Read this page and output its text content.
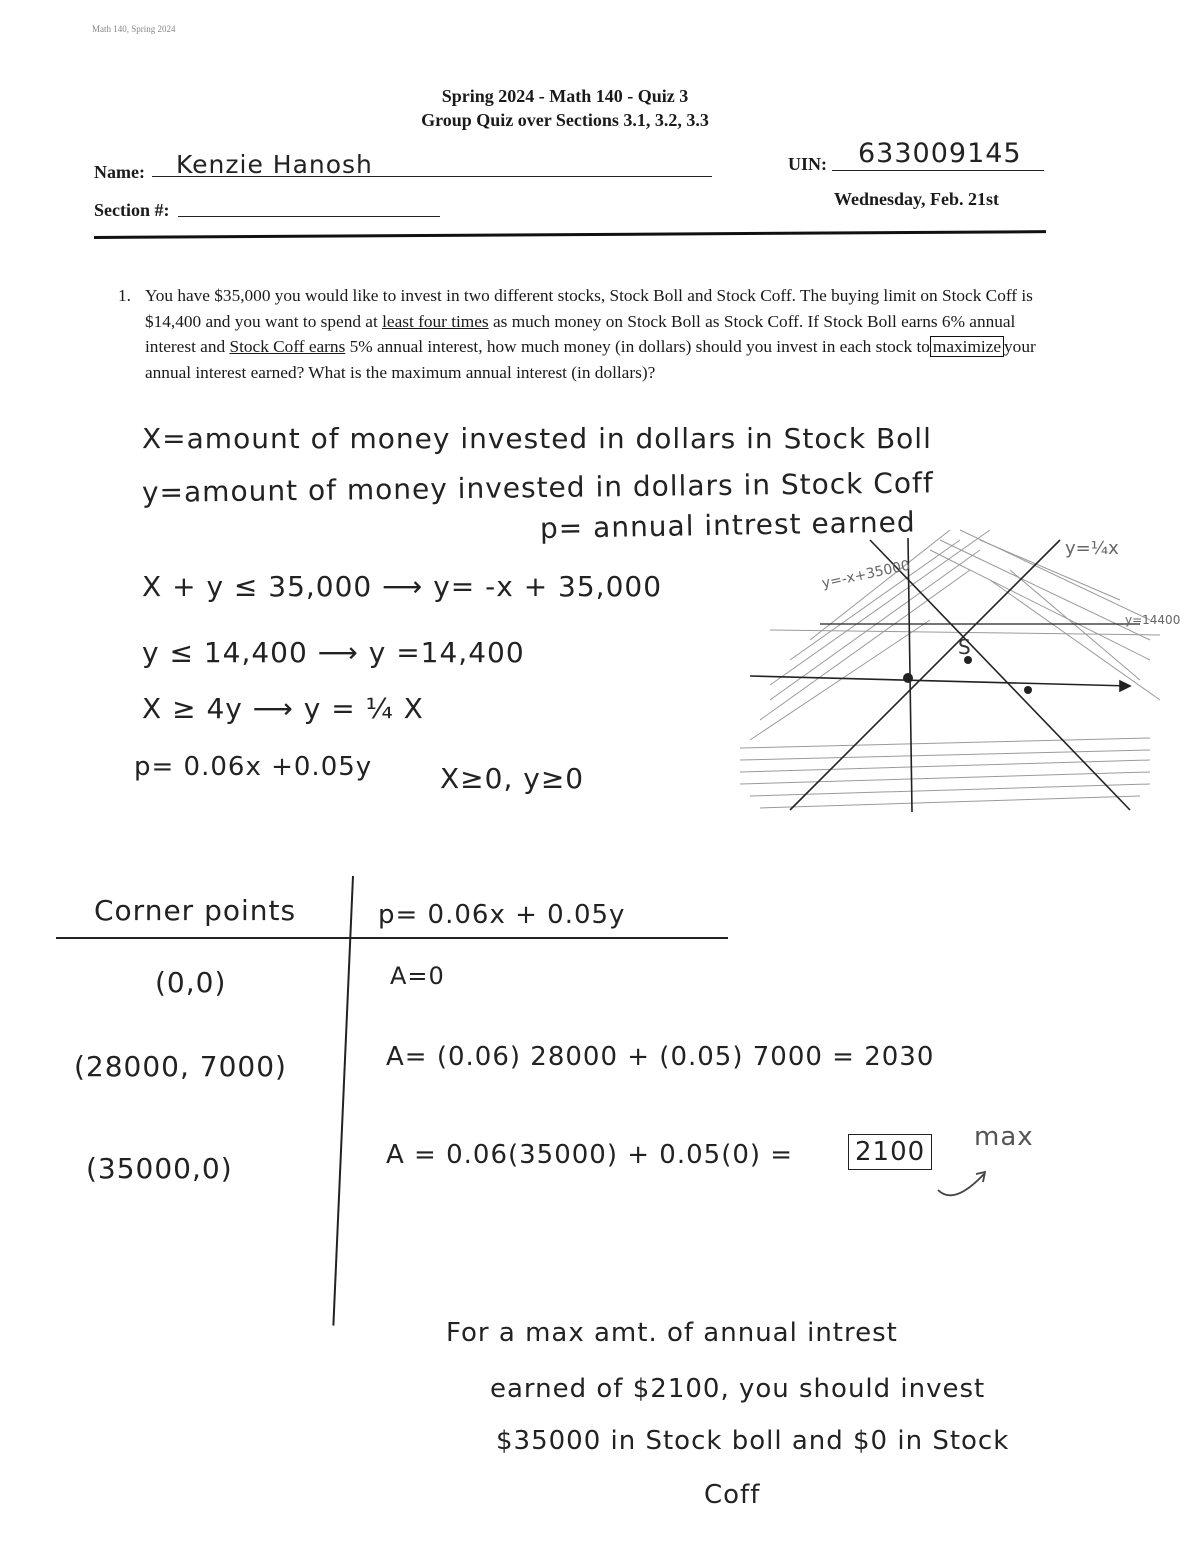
Math 140, Spring 2024
Spring 2024 - Math 140 - Quiz 3
Group Quiz over Sections 3.1, 3.2, 3.3
Name: Kenzie Hanosh
Section #:
UIN: 633009145
Wednesday, Feb. 21st
1. You have $35,000 you would like to invest in two different stocks, Stock Boll and Stock Coff. The buying limit on Stock Coff is $14,400 and you want to spend at least four times as much money on Stock Boll as Stock Coff. If Stock Boll earns 6% annual interest and Stock Coff earns 5% annual interest, how much money (in dollars) should you invest in each stock to maximize your annual interest earned? What is the maximum annual interest (in dollars)?
X=amount of money invested in dollars in Stock Boll
y=amount of money invested in dollars in Stock Coff
p= annual intrest earned
X + y ≤ 35,000 ⟶ y= -x + 35,000
y ≤ 14,400 ⟶ y =14,400
X ≥ 4y ⟶ y = ¼ X
p= 0.06x +0.05y X≥0, y≥0
y=-x+35000
y=¼x
y=14400
S
Corner points	p= 0.06x + 0.05y
(0,0)	A=0
(28000, 7000)	A= (0.06) 28000 + (0.05) 7000 = 2030
(35000,0)	A = 0.06(35000) + 0.05(0) = 2100 max
For a max amt. of annual intrest
earned of $2100, you should invest
$35000 in Stock boll and $0 in Stock
Coff
